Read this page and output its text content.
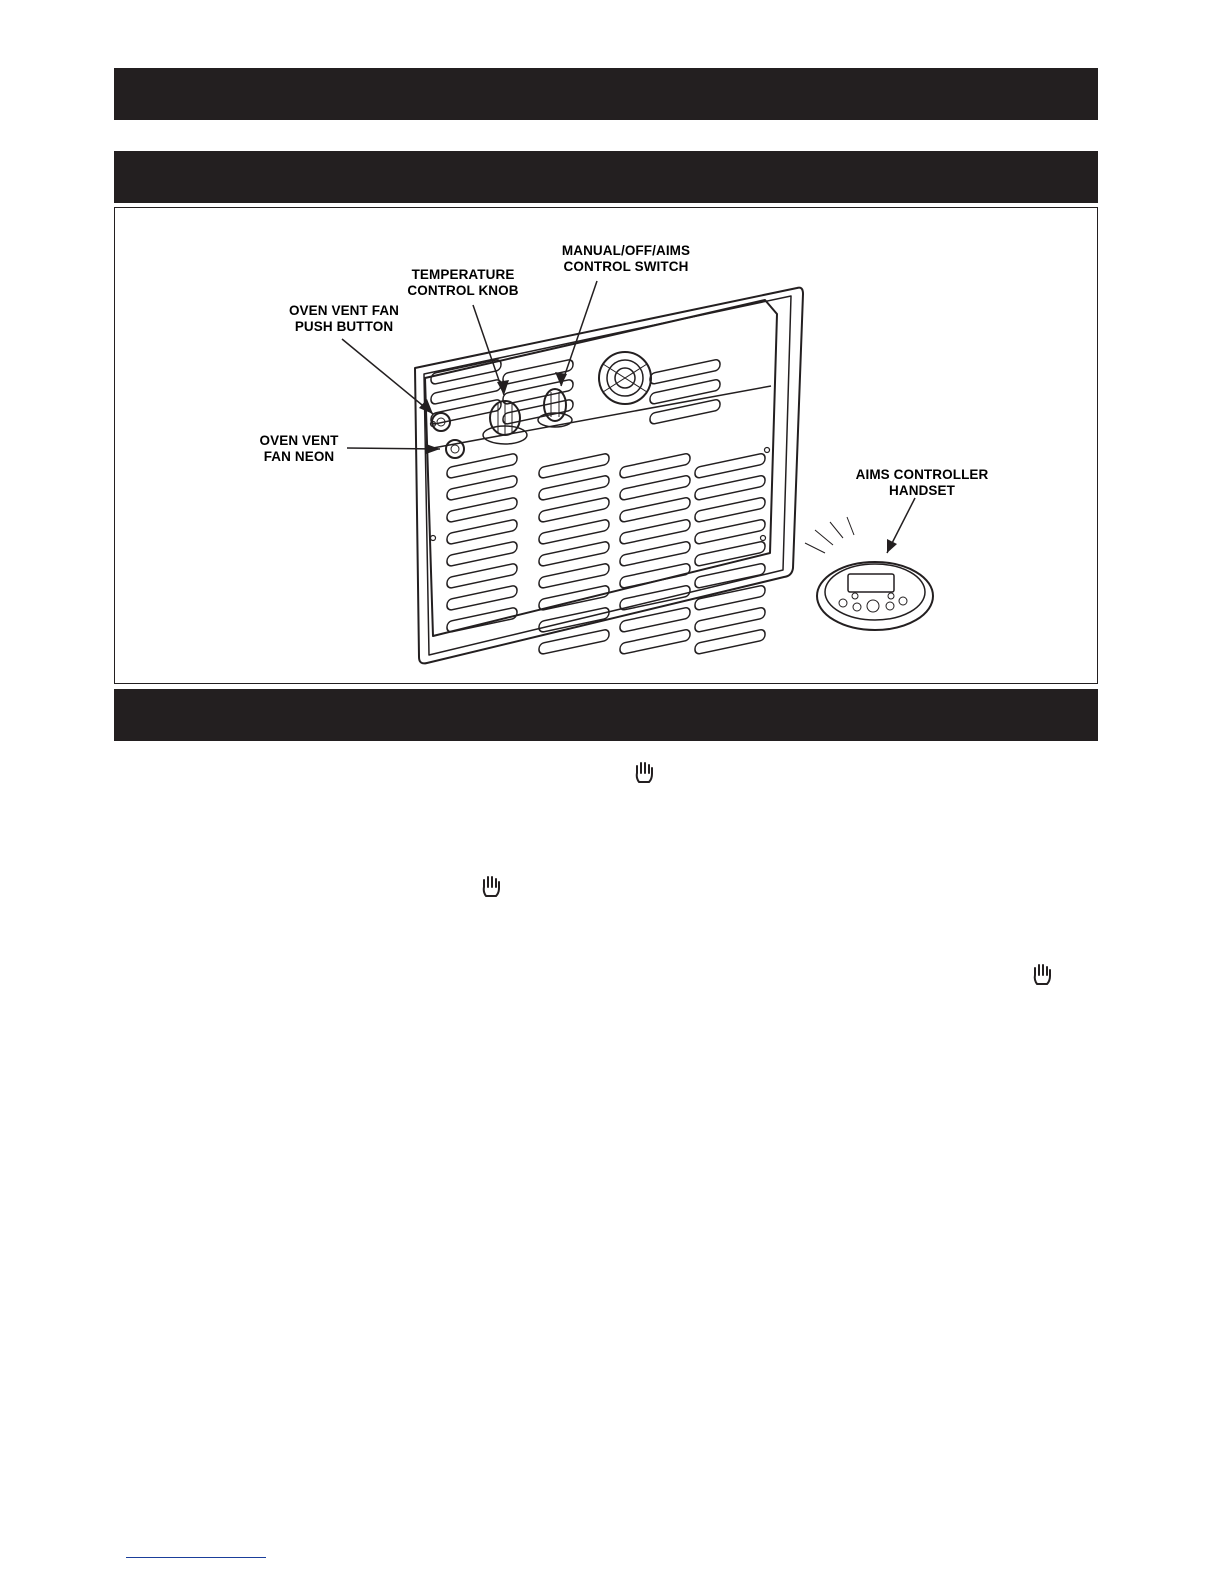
MANUAL/OFF/AIMS
CONTROL SWITCH
TEMPERATURE
CONTROL KNOB
OVEN VENT FAN
PUSH BUTTON
OVEN VENT
FAN NEON
AIMS CONTROLLER
HANDSET
